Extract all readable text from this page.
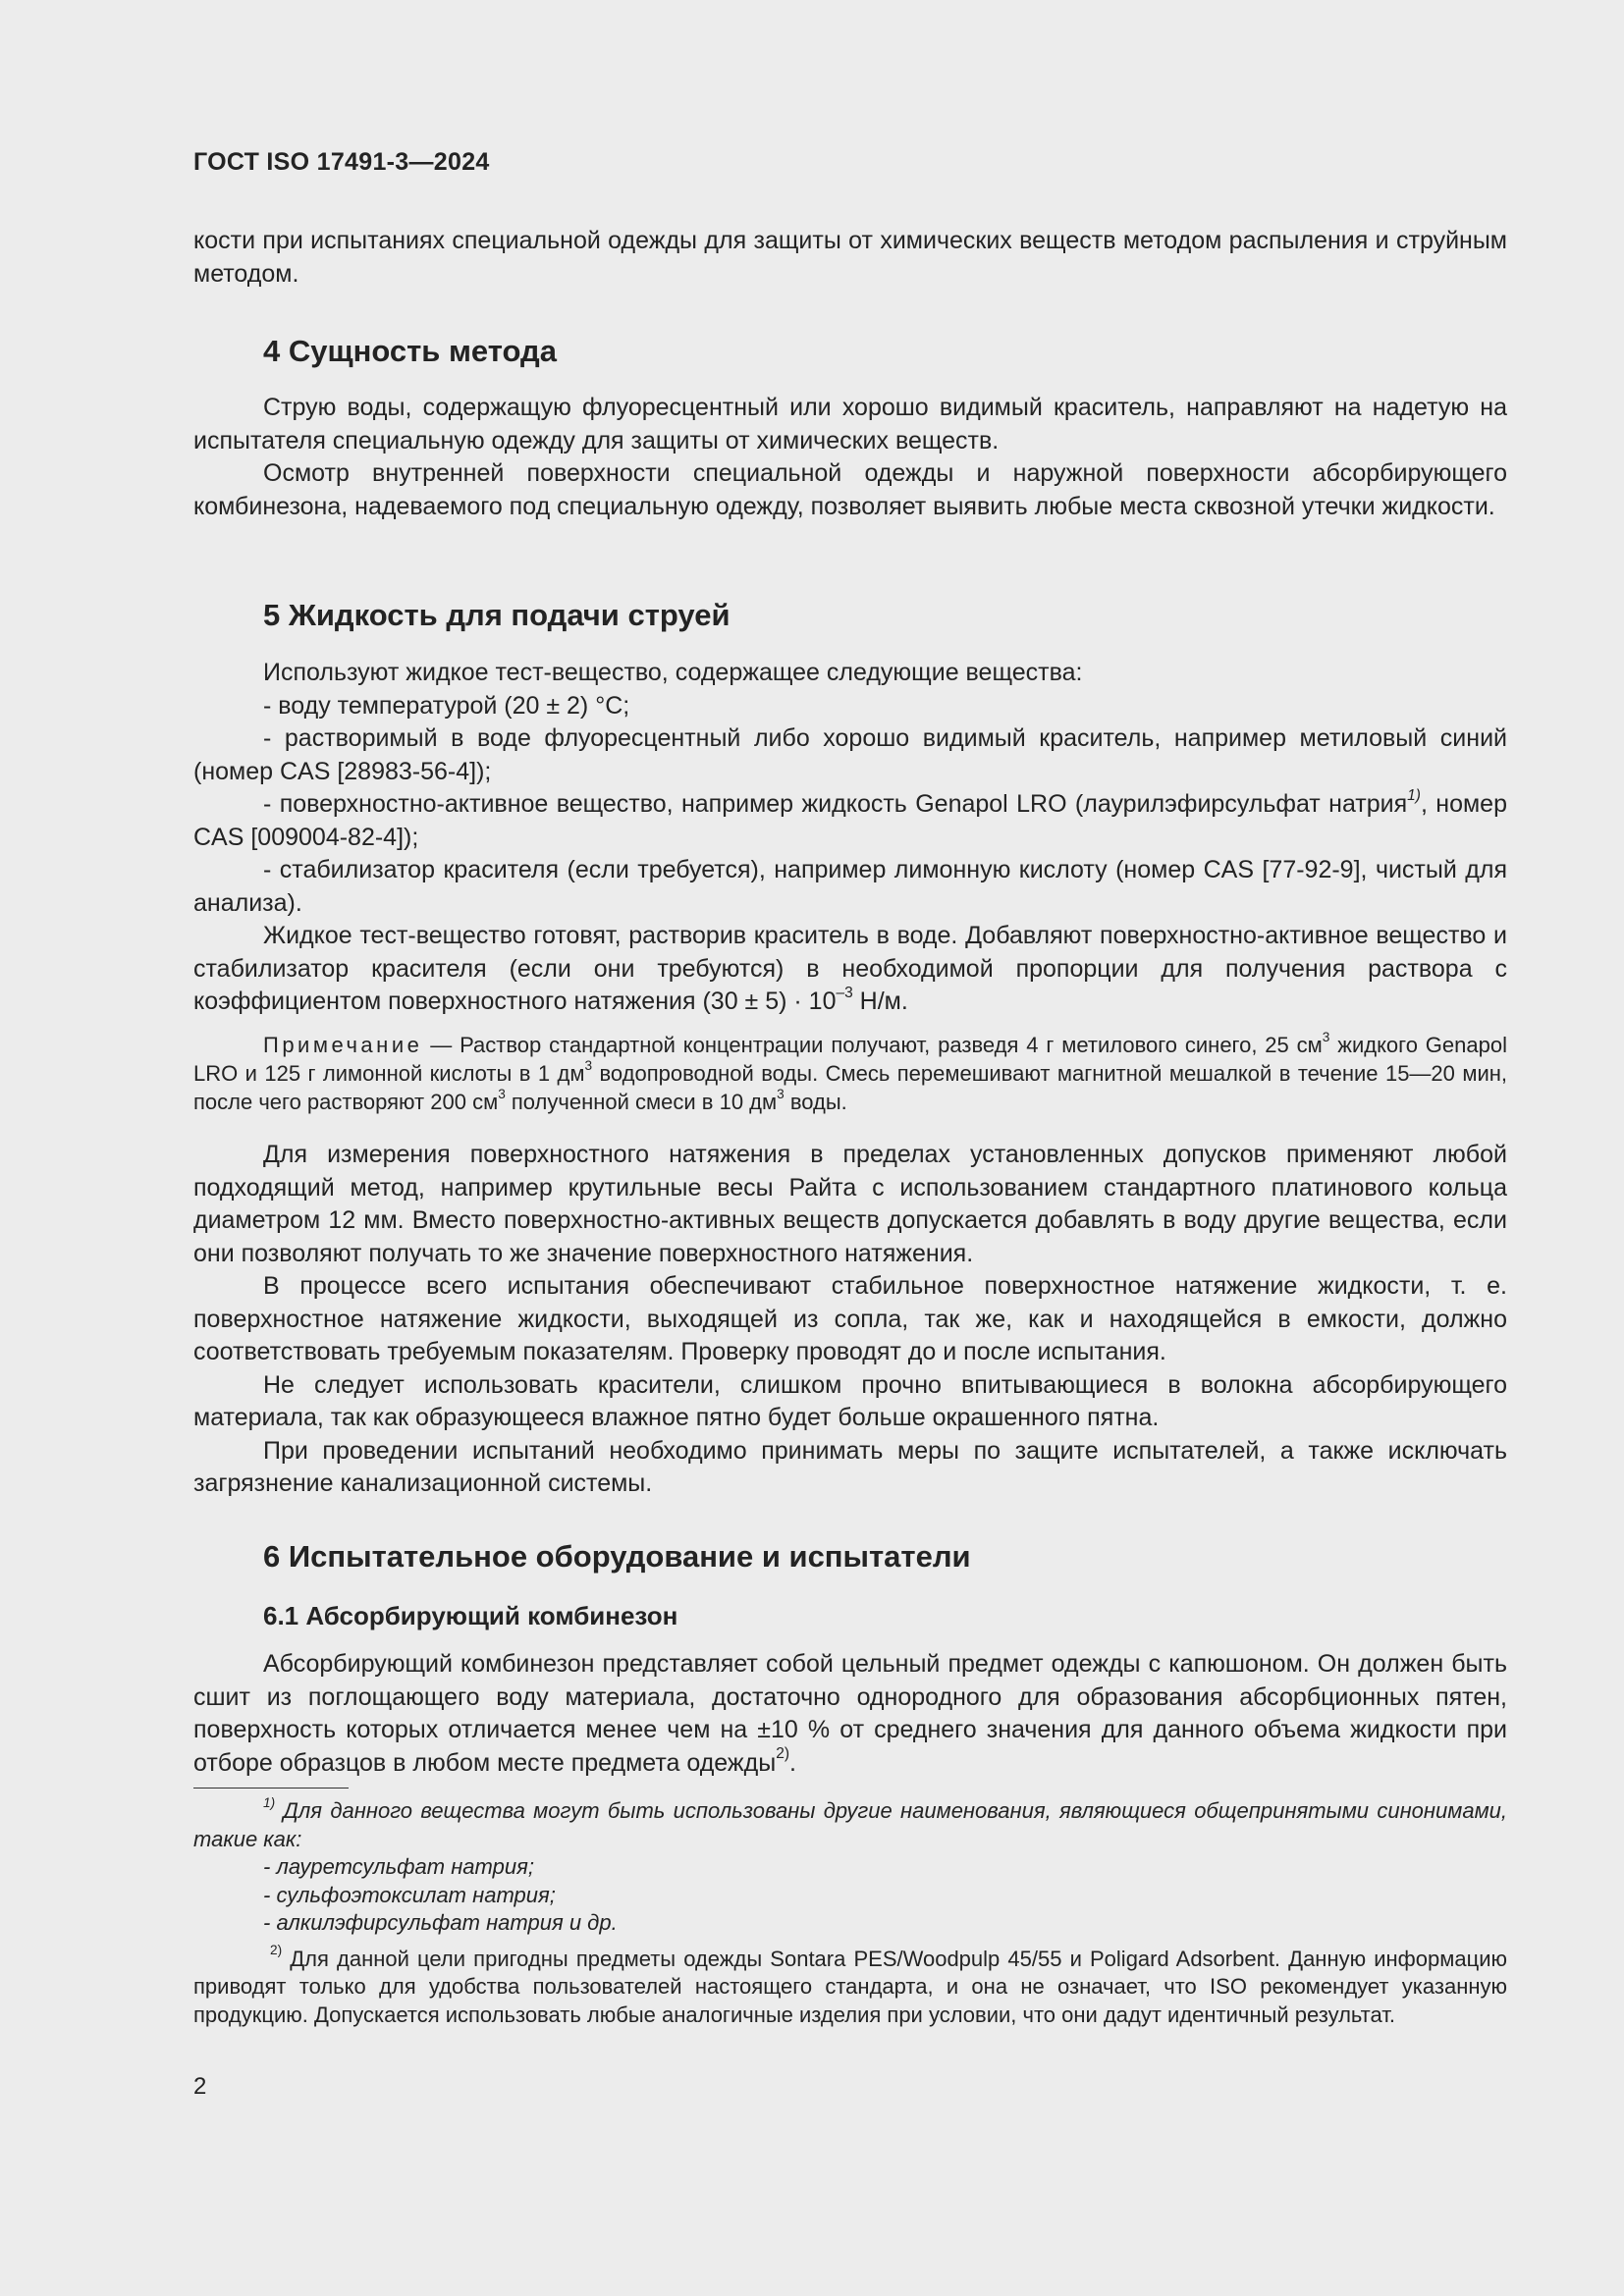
ГОСТ ISO 17491-3—2024

кости при испытаниях специальной одежды для защиты от химических веществ методом распыления и струйным методом.

4 Сущность метода

Струю воды, содержащую флуоресцентный или хорошо видимый краситель, направляют на надетую на испытателя специальную одежду для защиты от химических веществ.

Осмотр внутренней поверхности специальной одежды и наружной поверхности абсорбирующего комбинезона, надеваемого под специальную одежду, позволяет выявить любые места сквозной утечки жидкости.

5 Жидкость для подачи струей

Используют жидкое тест-вещество, содержащее следующие вещества:

- воду температурой (20 ± 2) °С;

- растворимый в воде флуоресцентный либо хорошо видимый краситель, например метиловый синий (номер CAS [28983-56-4]);

- поверхностно-активное вещество, например жидкость Genapol LRO (лаурилэфирсульфат натрия$^{1)}$, номер CAS [009004-82-4]);

- стабилизатор красителя (если требуется), например лимонную кислоту (номер CAS [77-92-9], чистый для анализа).

Жидкое тест-вещество готовят, растворив краситель в воде. Добавляют поверхностно-активное вещество и стабилизатор красителя (если они требуются) в необходимой пропорции для получения раствора с коэффициентом поверхностного натяжения $(30 \pm 5) \cdot 10^{-3}$ Н/м.

Примечание — Раствор стандартной концентрации получают, разведя 4 г метилового синего, 25 $см^3$ жидкого Genapol LRO и 125 г лимонной кислоты в 1 $дм^3$ водопроводной воды. Смесь перемешивают магнитной мешалкой в течение 15—20 мин, после чего растворяют 200 $см^3$ полученной смеси в 10 $дм^3$ воды.

Для измерения поверхностного натяжения в пределах установленных допусков применяют любой подходящий метод, например крутильные весы Райта с использованием стандартного платинового кольца диаметром 12 мм. Вместо поверхностно-активных веществ допускается добавлять в воду другие вещества, если они позволяют получать то же значение поверхностного натяжения.

В процессе всего испытания обеспечивают стабильное поверхностное натяжение жидкости, т. е. поверхностное натяжение жидкости, выходящей из сопла, так же, как и находящейся в емкости, должно соответствовать требуемым показателям. Проверку проводят до и после испытания.

Не следует использовать красители, слишком прочно впитывающиеся в волокна абсорбирующего материала, так как образующееся влажное пятно будет больше окрашенного пятна.

При проведении испытаний необходимо принимать меры по защите испытателей, а также исключать загрязнение канализационной системы.

6 Испытательное оборудование и испытатели
6.1 Абсорбирующий комбинезон

Абсорбирующий комбинезон представляет собой цельный предмет одежды с капюшоном. Он должен быть сшит из поглощающего воду материала, достаточно однородного для образования абсорбционных пятен, поверхность которых отличается менее чем на ±10 % от среднего значения для данного объема жидкости при отборе образцов в любом месте предмета одежды$^{2)}$.

$^{1)}$ Для данного вещества могут быть использованы другие наименования, являющиеся общепринятыми синонимами, такие как:

- лауретсульфат натрия;

- сульфоэтоксилат натрия;

- алкилэфирсульфат натрия и др.

$^{2)}$ Для данной цели пригодны предметы одежды Sontara PES/Woodpulp 45/55 и Poligard Adsorbent. Данную информацию приводят только для удобства пользователей настоящего стандарта, и она не означает, что ISO рекомендует указанную продукцию. Допускается использовать любые аналогичные изделия при условии, что они дадут идентичный результат.

2
